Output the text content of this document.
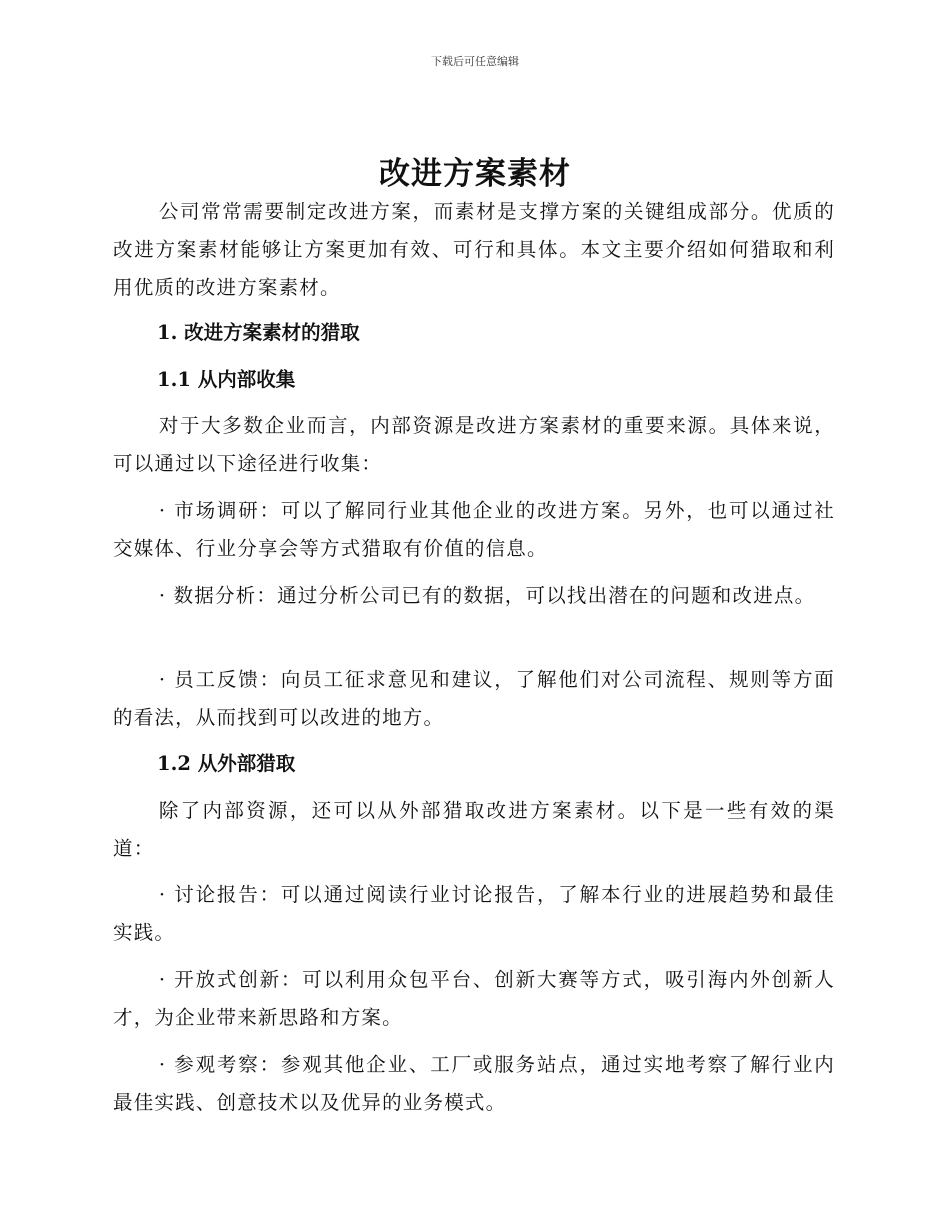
下载后可任意编辑
改进方案素材

公司常常需要制定改进方案，而素材是支撑方案的关键组成部分。优质的改进方案素材能够让方案更加有效、可行和具体。本文主要介绍如何猎取和利用优质的改进方案素材。

1. 改进方案素材的猎取

1.1 从内部收集

对于大多数企业而言，内部资源是改进方案素材的重要来源。具体来说，可以通过以下途径进行收集：

· 市场调研：可以了解同行业其他企业的改进方案。另外，也可以通过社交媒体、行业分享会等方式猎取有价值的信息。

· 数据分析：通过分析公司已有的数据，可以找出潜在的问题和改进点。

· 员工反馈：向员工征求意见和建议，了解他们对公司流程、规则等方面的看法，从而找到可以改进的地方。

1.2 从外部猎取

除了内部资源，还可以从外部猎取改进方案素材。以下是一些有效的渠道：

· 讨论报告：可以通过阅读行业讨论报告，了解本行业的进展趋势和最佳实践。

· 开放式创新：可以利用众包平台、创新大赛等方式，吸引海内外创新人才，为企业带来新思路和方案。

· 参观考察：参观其他企业、工厂或服务站点，通过实地考察了解行业内最佳实践、创意技术以及优异的业务模式。
